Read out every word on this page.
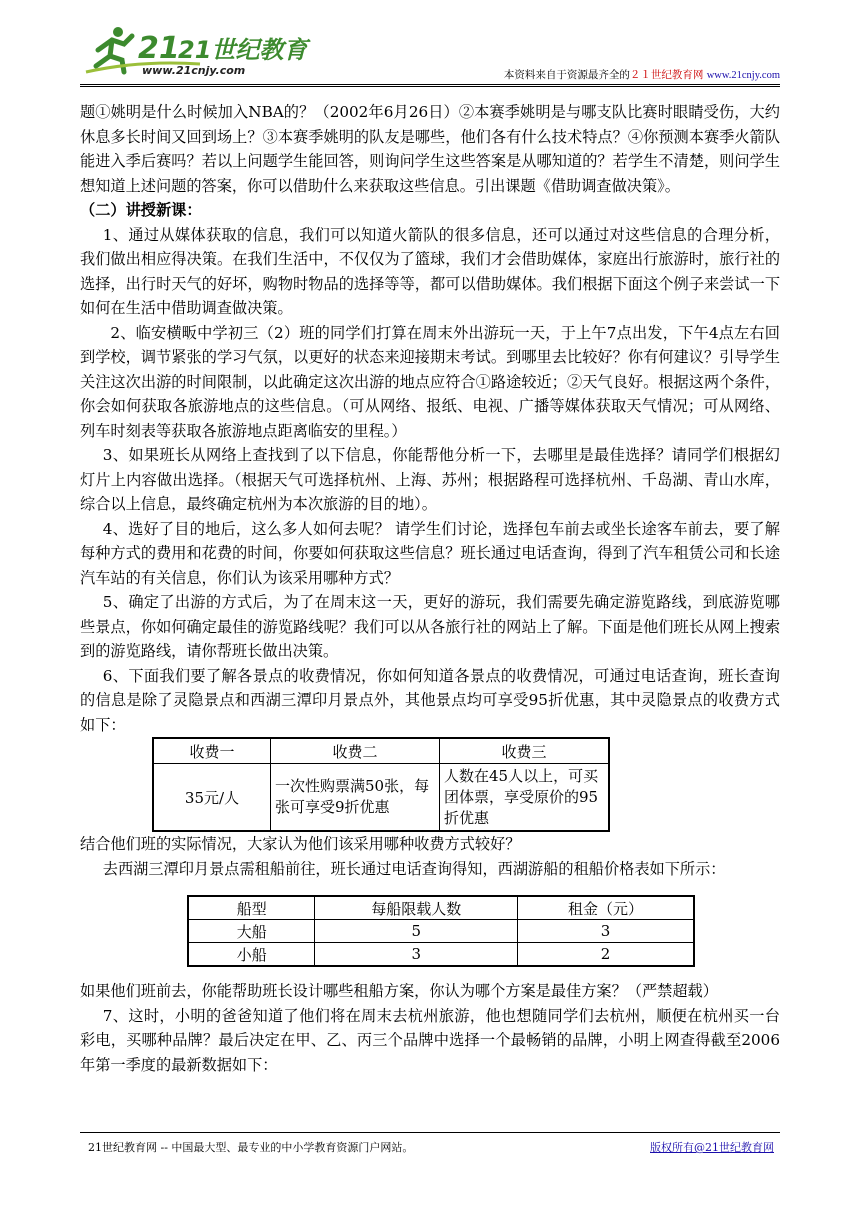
21
21世纪教育
www.21cnjy.com	本资料来自于资源最齐全的２１世纪教育网 www.21cnjy.com

题①姚明是什么时候加入NBA的？（2002年6月26日）②本赛季姚明是与哪支队比赛时眼睛受伤，大约休息多长时间又回到场上？③本赛季姚明的队友是哪些，他们各有什么技术特点？④你预测本赛季火箭队能进入季后赛吗？若以上问题学生能回答，则询问学生这些答案是从哪知道的？若学生不清楚，则问学生想知道上述问题的答案，你可以借助什么来获取这些信息。引出课题《借助调查做决策》。

（二）讲授新课：

1、通过从媒体获取的信息，我们可以知道火箭队的很多信息，还可以通过对这些信息的合理分析，我们做出相应得决策。在我们生活中，不仅仅为了篮球，我们才会借助媒体，家庭出行旅游时，旅行社的选择，出行时天气的好坏，购物时物品的选择等等，都可以借助媒体。我们根据下面这个例子来尝试一下如何在生活中借助调查做决策。

2、临安横畈中学初三（2）班的同学们打算在周末外出游玩一天，于上午7点出发，下午4点左右回到学校，调节紧张的学习气氛，以更好的状态来迎接期末考试。到哪里去比较好？你有何建议？引导学生关注这次出游的时间限制，以此确定这次出游的地点应符合①路途较近；②天气良好。根据这两个条件，你会如何获取各旅游地点的这些信息。（可从网络、报纸、电视、广播等媒体获取天气情况；可从网络、列车时刻表等获取各旅游地点距离临安的里程。）

3、如果班长从网络上查找到了以下信息，你能帮他分析一下，去哪里是最佳选择？请同学们根据幻灯片上内容做出选择。（根据天气可选择杭州、上海、苏州；根据路程可选择杭州、千岛湖、青山水库，综合以上信息，最终确定杭州为本次旅游的目的地）。

4、选好了目的地后，这么多人如何去呢？ 请学生们讨论，选择包车前去或坐长途客车前去，要了解每种方式的费用和花费的时间，你要如何获取这些信息？班长通过电话查询，得到了汽车租赁公司和长途汽车站的有关信息，你们认为该采用哪种方式？

5、确定了出游的方式后，为了在周末这一天，更好的游玩，我们需要先确定游览路线，到底游览哪些景点，你如何确定最佳的游览路线呢？我们可以从各旅行社的网站上了解。下面是他们班长从网上搜索到的游览路线，请你帮班长做出决策。

6、下面我们要了解各景点的收费情况，你如何知道各景点的收费情况，可通过电话查询，班长查询的信息是除了灵隐景点和西湖三潭印月景点外，其他景点均可享受95折优惠，其中灵隐景点的收费方式如下：

收费一	收费二	收费三
35元/人	一次性购票满50张，每张可享受9折优惠	人数在45人以上，可买团体票，享受原价的95折优惠

结合他们班的实际情况，大家认为他们该采用哪种收费方式较好？

去西湖三潭印月景点需租船前往，班长通过电话查询得知，西湖游船的租船价格表如下所示：

船型	每船限载人数	租金（元）
大船	5	3
小船	3	2

如果他们班前去，你能帮助班长设计哪些租船方案，你认为哪个方案是最佳方案？（严禁超载）

7、这时，小明的爸爸知道了他们将在周末去杭州旅游，他也想随同学们去杭州，顺便在杭州买一台彩电，买哪种品牌？最后决定在甲、乙、丙三个品牌中选择一个最畅销的品牌，小明上网查得截至2006年第一季度的最新数据如下：

21世纪教育网 -- 中国最大型、最专业的中小学教育资源门户网站。	版权所有@21世纪教育网
